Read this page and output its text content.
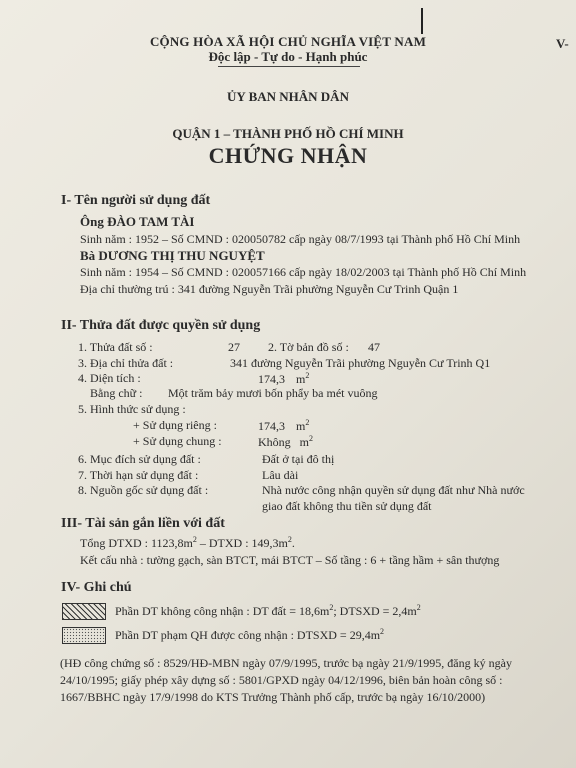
CỘNG HÒA XÃ HỘI CHỦ NGHĨA VIỆT NAM
Độc lập - Tự do - Hạnh phúc
V-
ỦY BAN NHÂN DÂN
QUẬN 1 – THÀNH PHỐ HỒ CHÍ MINH
CHỨNG NHẬN
I- Tên người sử dụng đất
Ông ĐÀO TAM TÀI
Sinh năm : 1952 – Số CMND : 020050782 cấp ngày 08/7/1993 tại Thành phố Hồ Chí Minh
Bà DƯƠNG THỊ THU NGUYỆT
Sinh năm : 1954 – Số CMND : 020057166 cấp ngày 18/02/2003 tại Thành phố Hồ Chí Minh
Địa chỉ thường trú : 341 đường Nguyễn Trãi phường Nguyễn Cư Trinh Quận 1
II- Thửa đất được quyền sử dụng
1. Thửa đất số :	27 2. Tờ bản đồ số : 47
3. Địa chỉ thửa đất :	341 đường Nguyễn Trãi phường Nguyễn Cư Trinh Q1
4. Diện tích :	174,3 $m^2$
Bằng chữ : Một trăm bảy mươi bốn phẩy ba mét vuông
5. Hình thức sử dụng :
+ Sử dụng riêng :	174,3 $m^2$
+ Sử dụng chung :	Không $m^2$
6. Mục đích sử dụng đất :	Đất ở tại đô thị
7. Thời hạn sử dụng đất :	Lâu dài
8. Nguồn gốc sử dụng đất :	Nhà nước công nhận quyền sử dụng đất như Nhà nước
giao đất không thu tiền sử dụng đất
III- Tài sản gắn liền với đất
Tổng DTXD : $1123,8m^2$ – DTXD : $149,3m^2$.
Kết cấu nhà : tường gạch, sàn BTCT, mái BTCT – Số tầng : 6 + tầng hầm + sân thượng
IV- Ghi chú
Phần DT không công nhận : DT đất = $18,6m^2$; DTSXD = $2,4m^2$
Phần DT phạm QH được công nhận : DTSXD = $29,4m^2$
(HĐ công chứng số : 8529/HĐ-MBN ngày 07/9/1995, trước bạ ngày 21/9/1995, đăng ký ngày
24/10/1995; giấy phép xây dựng số : 5801/GPXD ngày 04/12/1996, biên bản hoàn công số :
1667/BBHC ngày 17/9/1998 do KTS Trưởng Thành phố cấp, trước bạ ngày 16/10/2000)
